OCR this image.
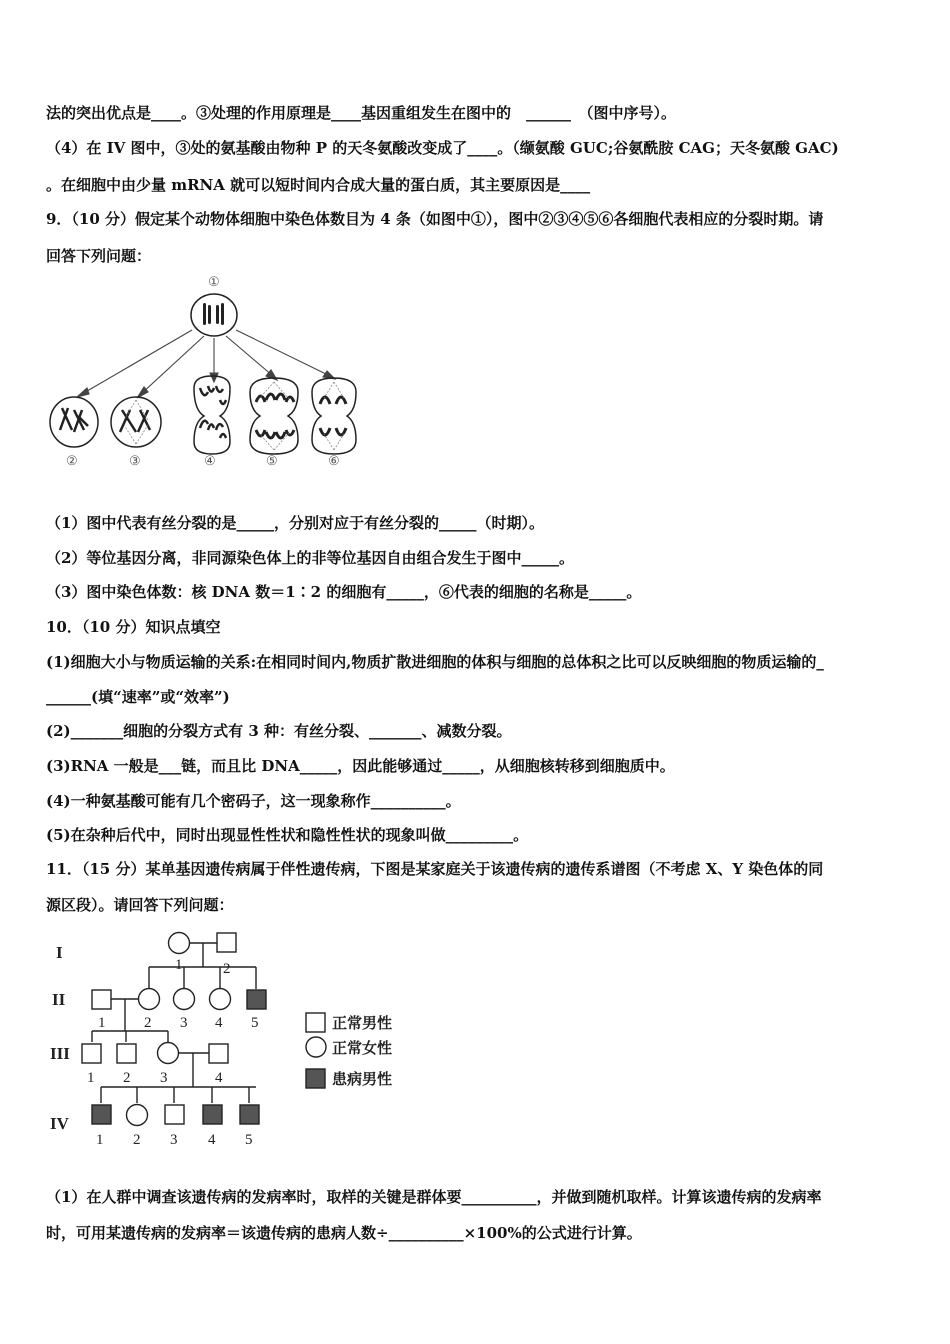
法的突出优点是____。③处理的作用原理是____基因重组发生在图中的　______　（图中序号）。
（4）在 IV 图中，③处的氨基酸由物种 P 的天冬氨酸改变成了____。（缬氨酸 GUC;谷氨酰胺 CAG；天冬氨酸 GAC)
。在细胞中由少量 mRNA 就可以短时间内合成大量的蛋白质，其主要原因是____
9．（10 分）假定某个动物体细胞中染色体数目为 4 条（如图中①），图中②③④⑤⑥各细胞代表相应的分裂时期。请
回答下列问题：
①
②	③	④	⑤	⑥
（1）图中代表有丝分裂的是_____，分别对应于有丝分裂的_____（时期）。
（2）等位基因分离，非同源染色体上的非等位基因自由组合发生于图中_____。
（3）图中染色体数：核 DNA 数＝1∶2 的细胞有_____，⑥代表的细胞的名称是_____。
10．（10 分）知识点填空
(1)细胞大小与物质运输的关系:在相同时间内,物质扩散进细胞的体积与细胞的总体积之比可以反映细胞的物质运输的_
______(填“速率”或“效率”)
(2)_______细胞的分裂方式有 3 种：有丝分裂、_______、减数分裂。
(3)RNA 一般是___链，而且比 DNA_____，因此能够通过_____，从细胞核转移到细胞质中。
(4)一种氨基酸可能有几个密码子，这一现象称作__________。
(5)在杂种后代中，同时出现显性性状和隐性性状的现象叫做_________。
11．（15 分）某单基因遗传病属于伴性遗传病，下图是某家庭关于该遗传病的遗传系谱图（不考虑 X、Y 染色体的同
源区段）。请回答下列问题：
I
II
III
IV
1	2
1	2 3 4 5
1 2 3	4
1 2 3 4 5
正常男性
正常女性
患病男性
（1）在人群中调查该遗传病的发病率时，取样的关键是群体要__________，并做到随机取样。计算该遗传病的发病率
时，可用某遗传病的发病率＝该遗传病的患病人数÷__________×100%的公式进行计算。
